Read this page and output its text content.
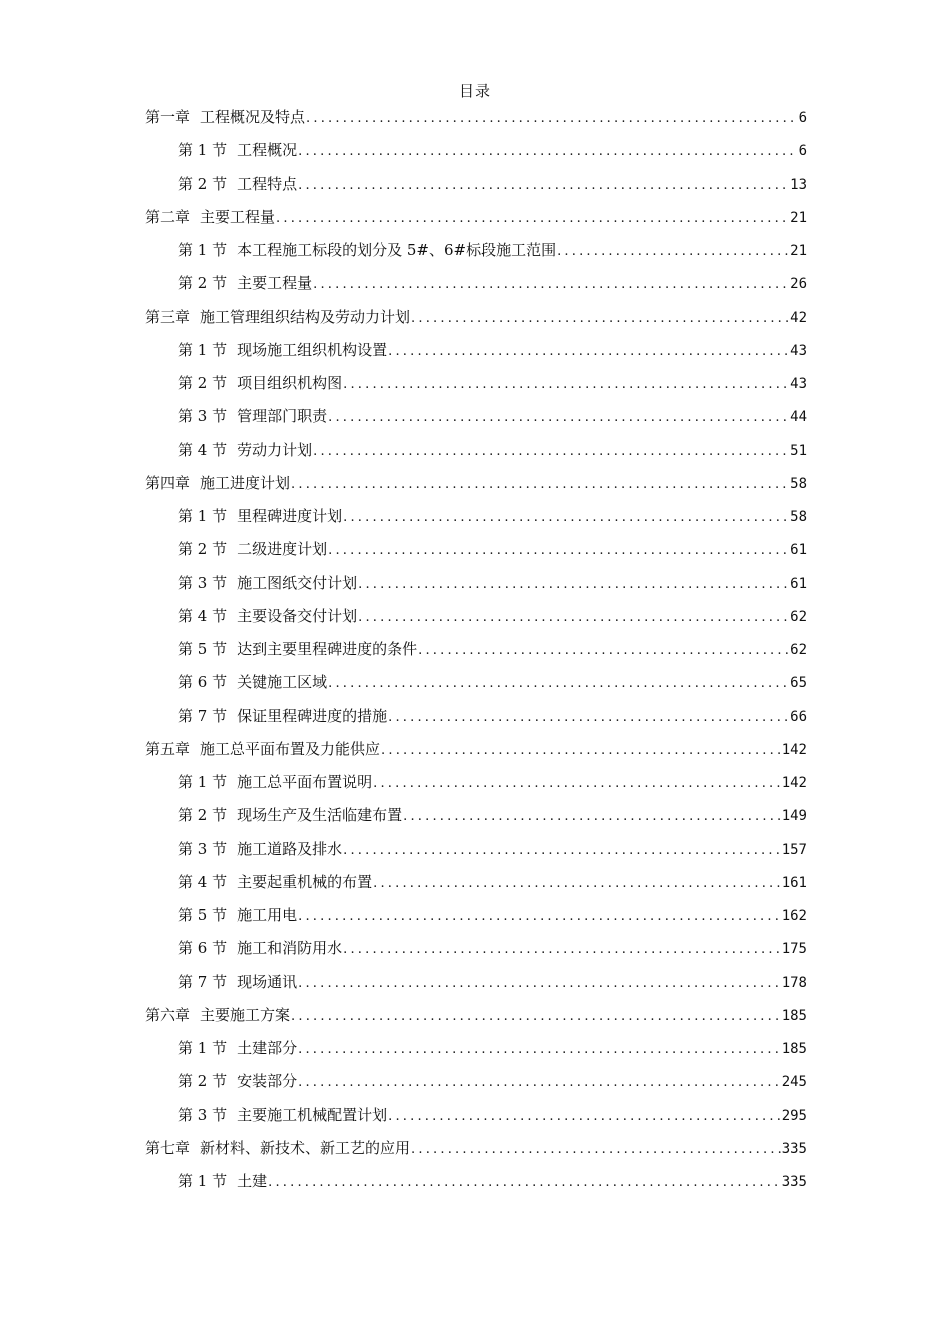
目录
第一章 工程概况及特点 .....	6
第 1 节 工程概况 .....	6
第 2 节 工程特点 .....	13
第二章 主要工程量 .....	21
第 1 节 本工程施工标段的划分及 5#、6#标段施工范围 .....	21
第 2 节 主要工程量 .....	26
第三章 施工管理组织结构及劳动力计划 .....	42
第 1 节 现场施工组织机构设置 .....	43
第 2 节 项目组织机构图 .....	43
第 3 节 管理部门职责 .....	44
第 4 节 劳动力计划 .....	51
第四章 施工进度计划 .....	58
第 1 节 里程碑进度计划 .....	58
第 2 节 二级进度计划 .....	61
第 3 节 施工图纸交付计划 .....	61
第 4 节 主要设备交付计划 .....	62
第 5 节 达到主要里程碑进度的条件 .....	62
第 6 节 关键施工区域 .....	65
第 7 节 保证里程碑进度的措施 .....	66
第五章 施工总平面布置及力能供应 .....	142
第 1 节 施工总平面布置说明 .....	142
第 2 节 现场生产及生活临建布置 .....	149
第 3 节 施工道路及排水 .....	157
第 4 节 主要起重机械的布置 .....	161
第 5 节 施工用电 .....	162
第 6 节 施工和消防用水 .....	175
第 7 节 现场通讯 .....	178
第六章 主要施工方案 .....	185
第 1 节 土建部分 .....	185
第 2 节 安装部分 .....	245
第 3 节 主要施工机械配置计划 .....	295
第七章 新材料、新技术、新工艺的应用 .....	335
第 1 节 土建 .....	335
